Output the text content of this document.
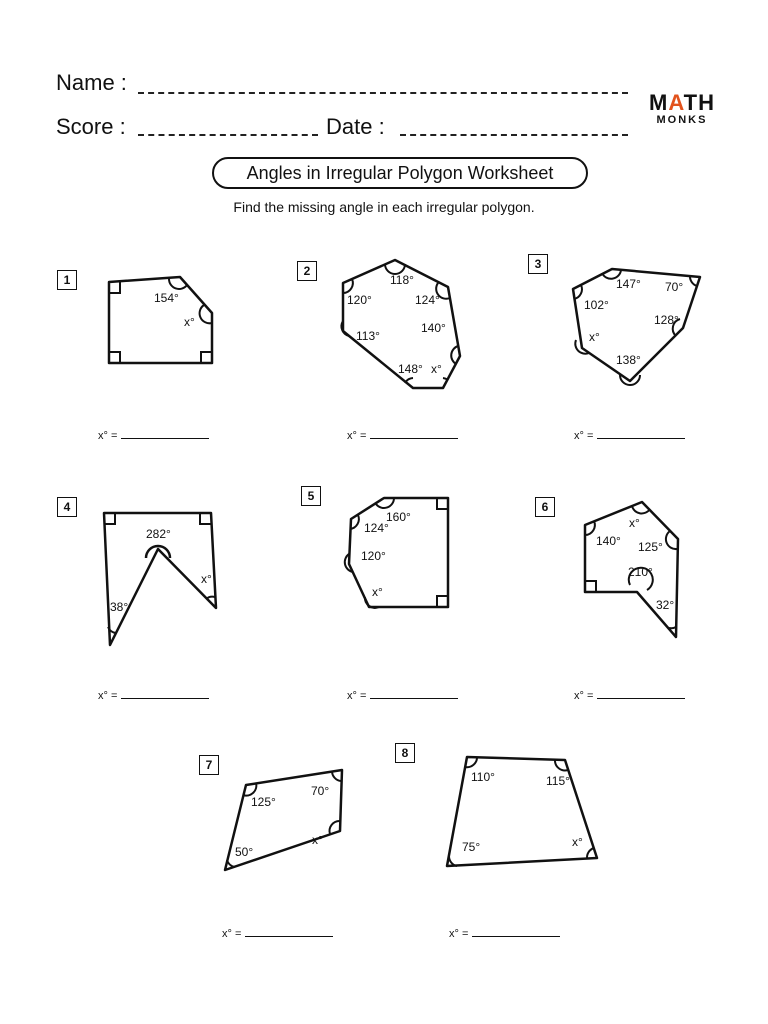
Name :
Score :	Date :
MATH
MONKS
Angles in Irregular Polygon Worksheet
Find the missing angle in each irregular polygon.
1
2	3
4
5
6
7
8
154°
x°
118°
120°	124°
113°
140°
148° x°
147° 70°
102°
x°
128°
138°
282°
x°
38°
160°
124°
120°
x°
x°
140° 125°
210°
32°
125°
70°
x°
50°
110°	115°
75°	x°
x° =	x° =	x° =
x° =	x° =	x° =
x° =	x° =
